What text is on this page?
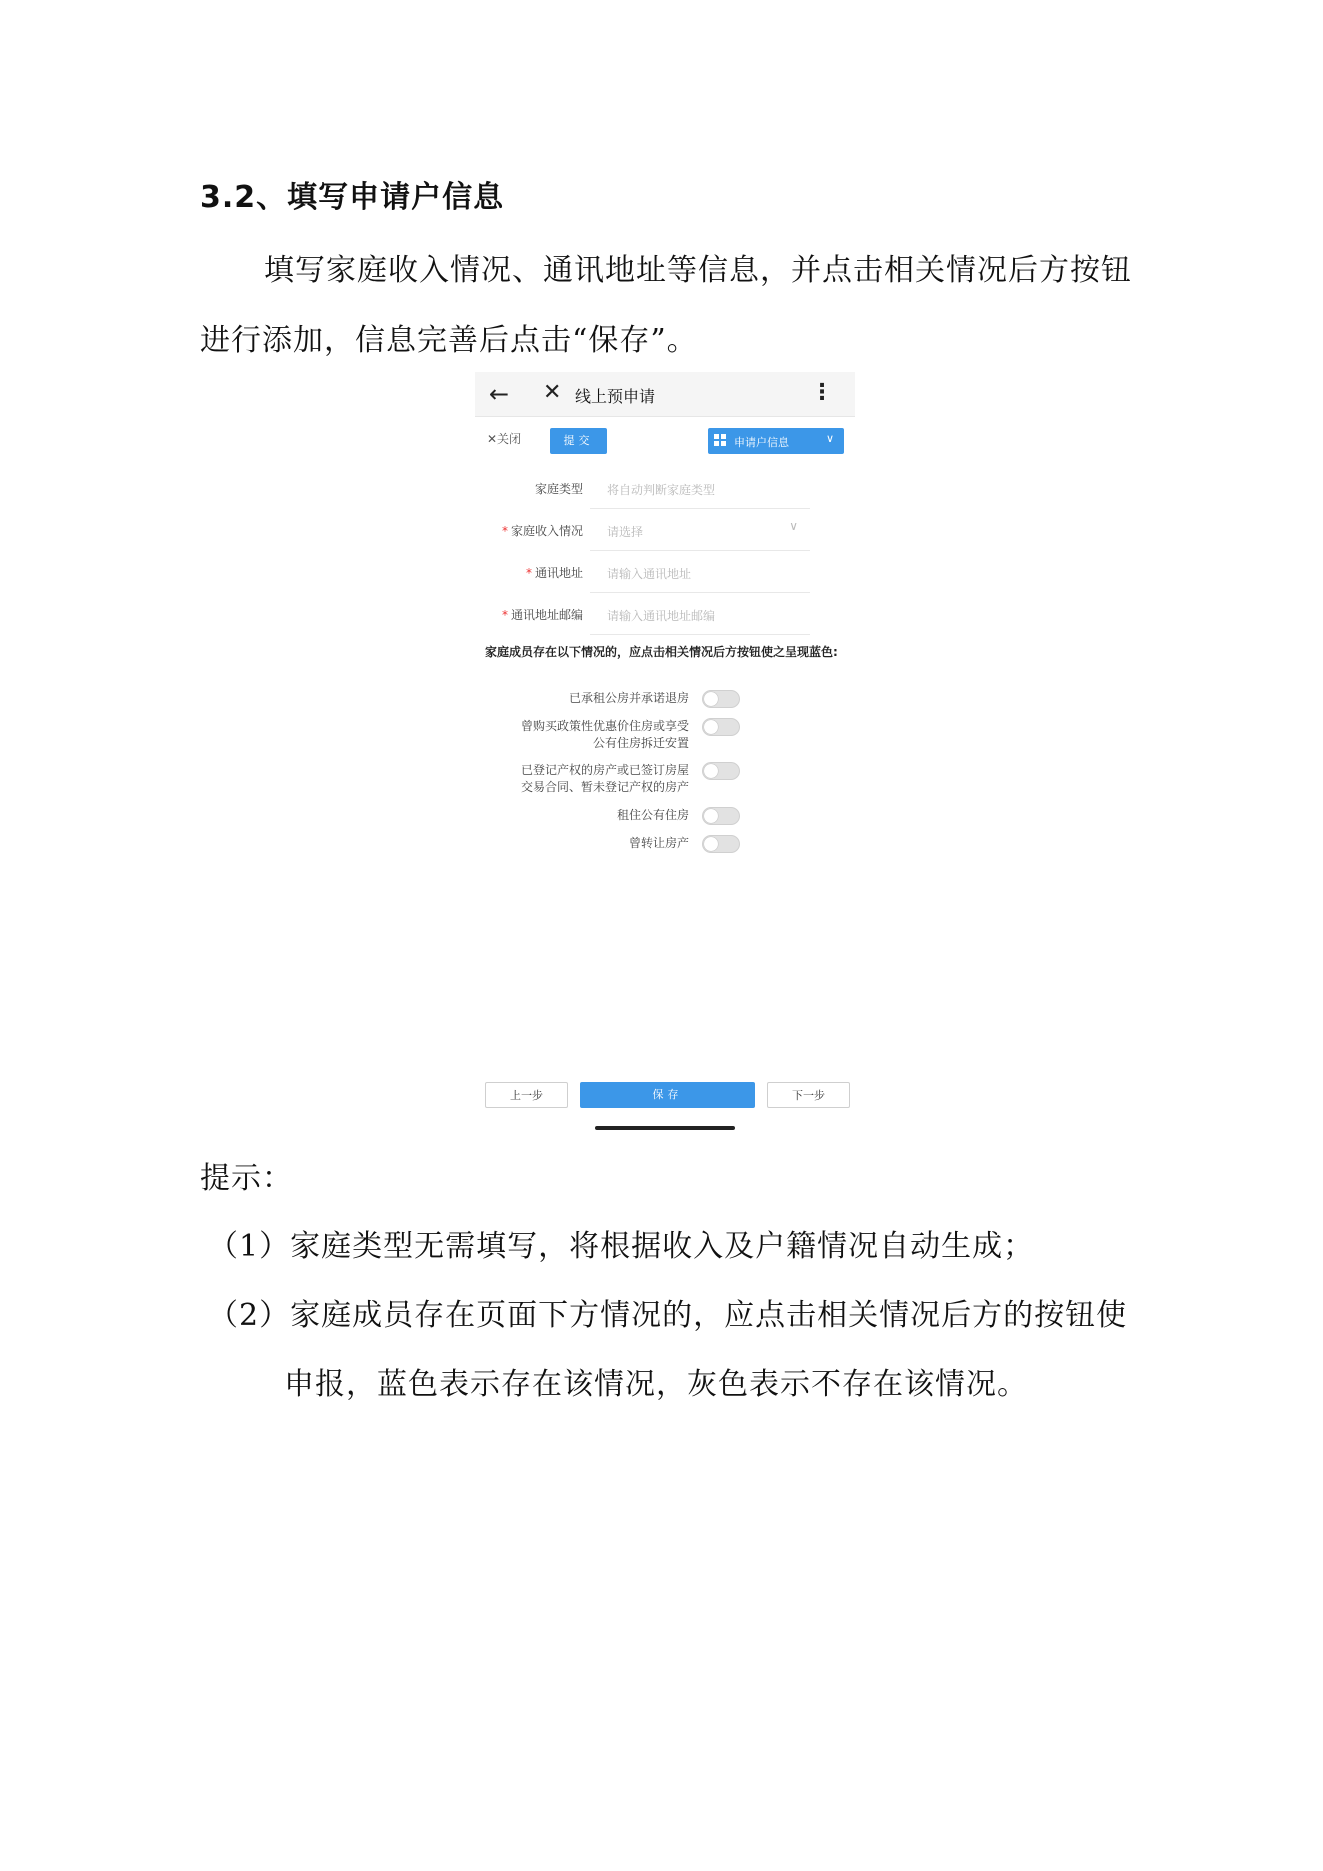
3.2、填写申请户信息
填写家庭收入情况、通讯地址等信息，并点击相关情况后方按钮
进行添加，信息完善后点击“保存”。
← ✕ 线上预申请	⋮
✕关闭	提交	申请户信息	∨
家庭类型 将自动判断家庭类型
* 家庭收入情况 请选择	∨
* 通讯地址 请输入通讯地址
* 通讯地址邮编 请输入通讯地址邮编
家庭成员存在以下情况的，应点击相关情况后方按钮使之呈现蓝色:
已承租公房并承诺退房
曾购买政策性优惠价住房或享受
公有住房拆迁安置
已登记产权的房产或已签订房屋
交易合同、暂未登记产权的房产
租住公有住房
曾转让房产
上一步	保存	下一步
提示：
（1）家庭类型无需填写，将根据收入及户籍情况自动生成；
（2）家庭成员存在页面下方情况的，应点击相关情况后方的按钮使
申报，蓝色表示存在该情况，灰色表示不存在该情况。
